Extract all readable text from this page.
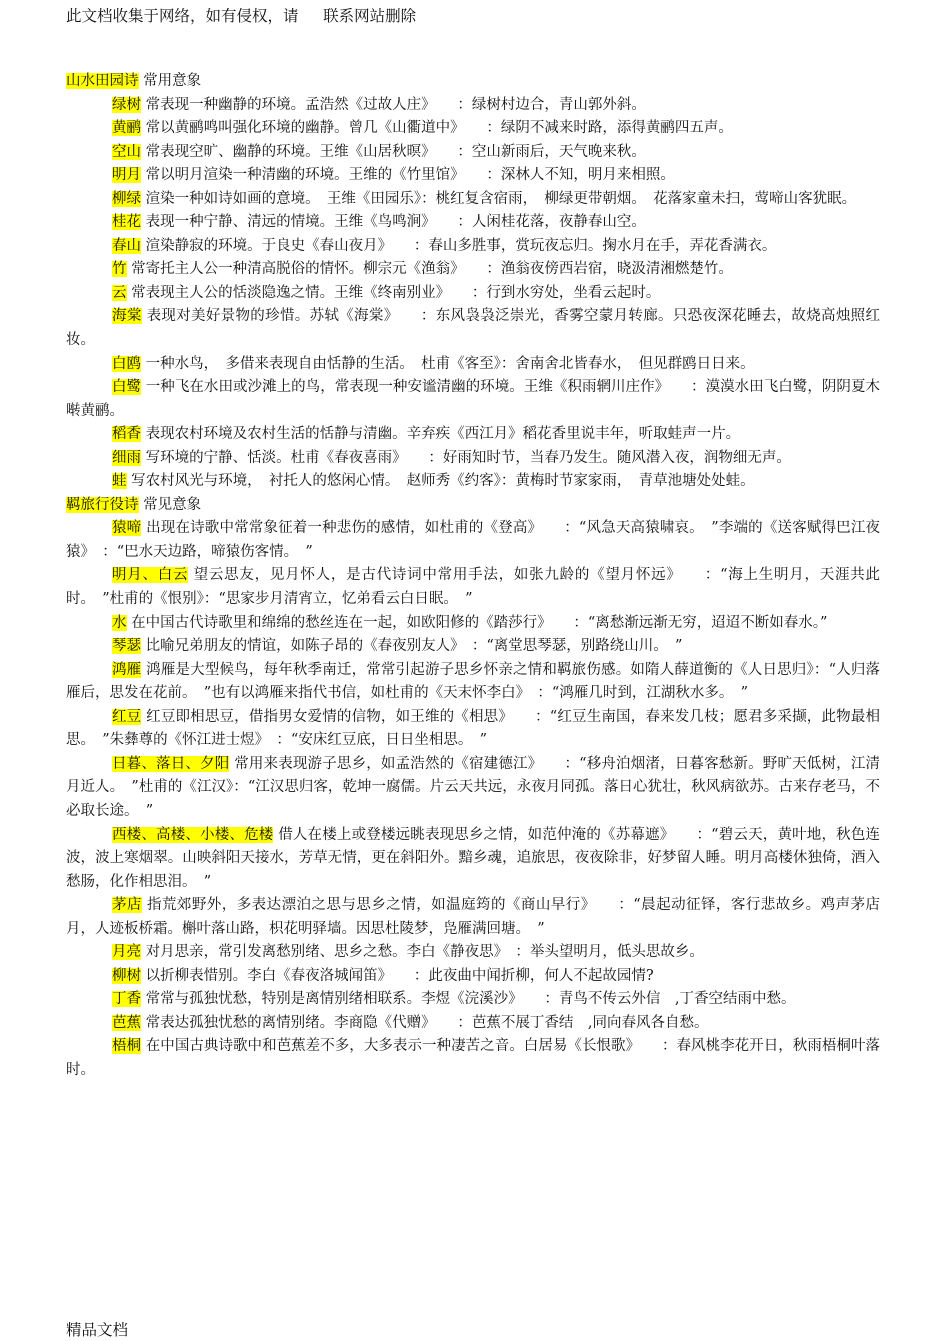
此文档收集于网络，如有侵权，请     联系网站删除

山水田园诗 常用意象

绿树 常表现一种幽静的环境。孟浩然《过故人庄》　　：绿树村边合，青山郭外斜。

黄鹂 常以黄鹂鸣叫强化环境的幽静。曾几《山衢道中》　　：绿阴不减来时路，添得黄鹂四五声。

空山 常表现空旷、幽静的环境。王维《山居秋暝》　　：空山新雨后，天气晚来秋。

明月 常以明月渲染一种清幽的环境。王维的《竹里馆》　　：深林人不知，明月来相照。

柳绿 渲染一种如诗如画的意境。　王维《田园乐》：桃红复含宿雨，　柳绿更带朝烟。　花落家童未扫，莺啼山客犹眠。

桂花 表现一种宁静、清远的情境。王维《鸟鸣涧》　　：人闲桂花落，夜静春山空。

春山 渲染静寂的环境。于良史《春山夜月》　　：春山多胜事，赏玩夜忘归。掬水月在手，弄花香满衣。

竹 常寄托主人公一种清高脱俗的情怀。柳宗元《渔翁》　　：渔翁夜傍西岩宿，晓汲清湘燃楚竹。

云 常表现主人公的恬淡隐逸之情。王维《终南别业》　　：行到水穷处，坐看云起时。

海棠 表现对美好景物的珍惜。苏轼《海棠》　　：东风袅袅泛崇光，香雾空蒙月转廊。只恐夜深花睡去，故烧高烛照红妆。

白鸥 一种水鸟，　多借来表现自由恬静的生活。　杜甫《客至》：舍南舍北皆春水，　但见群鸥日日来。

白鹭 一种飞在水田或沙滩上的鸟，常表现一种安谧清幽的环境。王维《积雨辋川庄作》　　：漠漠水田飞白鹭，阴阴夏木啭黄鹂。

稻香 表现农村环境及农村生活的恬静与清幽。辛弃疾《西江月》稻花香里说丰年，听取蛙声一片。

细雨 写环境的宁静、恬淡。杜甫《春夜喜雨》　　：好雨知时节，当春乃发生。随风潜入夜，润物细无声。

蛙 写农村风光与环境，　衬托人的悠闲心情。　赵师秀《约客》：黄梅时节家家雨，　青草池塘处处蛙。

羁旅行役诗 常见意象

猿啼 出现在诗歌中常常象征着一种悲伤的感情，如杜甫的《登高》　　：“风急天高猿啸哀。　”李端的《送客赋得巴江夜猿》　：“巴水天边路，啼猿伤客情。　”

明月、白云 望云思友，见月怀人，是古代诗词中常用手法，如张九龄的《望月怀远》　　：“海上生明月，天涯共此时。　”杜甫的《恨别》：“思家步月清宵立，忆弟看云白日眠。　”

水 在中国古代诗歌里和绵绵的愁丝连在一起，如欧阳修的《踏莎行》　　：“离愁渐远渐无穷，迢迢不断如春水。”

琴瑟 比喻兄弟朋友的情谊，如陈子昂的《春夜别友人》　：“离堂思琴瑟，别路绕山川。　”

鸿雁 鸿雁是大型候鸟，每年秋季南迁，常常引起游子思乡怀亲之情和羁旅伤感。如隋人薛道衡的《人日思归》：“人归落雁后，思发在花前。　”也有以鸿雁来指代书信，如杜甫的《天末怀李白》　：“鸿雁几时到，江湖秋水多。　”

红豆 红豆即相思豆，借指男女爱情的信物，如王维的《相思》　　：“红豆生南国，春来发几枝；愿君多采撷，此物最相思。　”朱彝尊的《怀江进士煜》　：“安床红豆底，日日坐相思。　”

日暮、落日、夕阳 常用来表现游子思乡，如孟浩然的《宿建德江》　　：“移舟泊烟渚，日暮客愁新。野旷天低树，江清月近人。　”杜甫的《江汉》：“江汉思归客，乾坤一腐儒。片云天共远，永夜月同孤。落日心犹壮，秋风病欲苏。古来存老马，不必取长途。　”

西楼、高楼、小楼、危楼 借人在楼上或登楼远眺表现思乡之情，如范仲淹的《苏幕遮》　　：“碧云天，黄叶地，秋色连波，波上寒烟翠。山映斜阳天接水，芳草无情，更在斜阳外。黯乡魂，追旅思，夜夜除非，好梦留人睡。明月高楼休独倚，酒入愁肠，化作相思泪。　”

茅店 指荒郊野外，多表达漂泊之思与思乡之情，如温庭筠的《商山早行》　　：“晨起动征铎，客行悲故乡。鸡声茅店月，人迹板桥霜。槲叶落山路，枳花明驿墙。因思杜陵梦，凫雁满回塘。　”

月亮 对月思亲，常引发离愁别绪、思乡之愁。李白《静夜思》　：举头望明月，低头思故乡。

柳树 以折柳表惜别。李白《春夜洛城闻笛》　　：此夜曲中闻折柳，何人不起故园情?

丁香 常常与孤独忧愁，特别是离情别绪相联系。李煜《浣溪沙》　　：青鸟不传云外信　,丁香空结雨中愁。

芭蕉 常表达孤独忧愁的离情别绪。李商隐《代赠》　　：芭蕉不展丁香结　,同向春风各自愁。

梧桐 在中国古典诗歌中和芭蕉差不多，大多表示一种凄苦之音。白居易《长恨歌》　　：春风桃李花开日，秋雨梧桐叶落时。

精品文档
